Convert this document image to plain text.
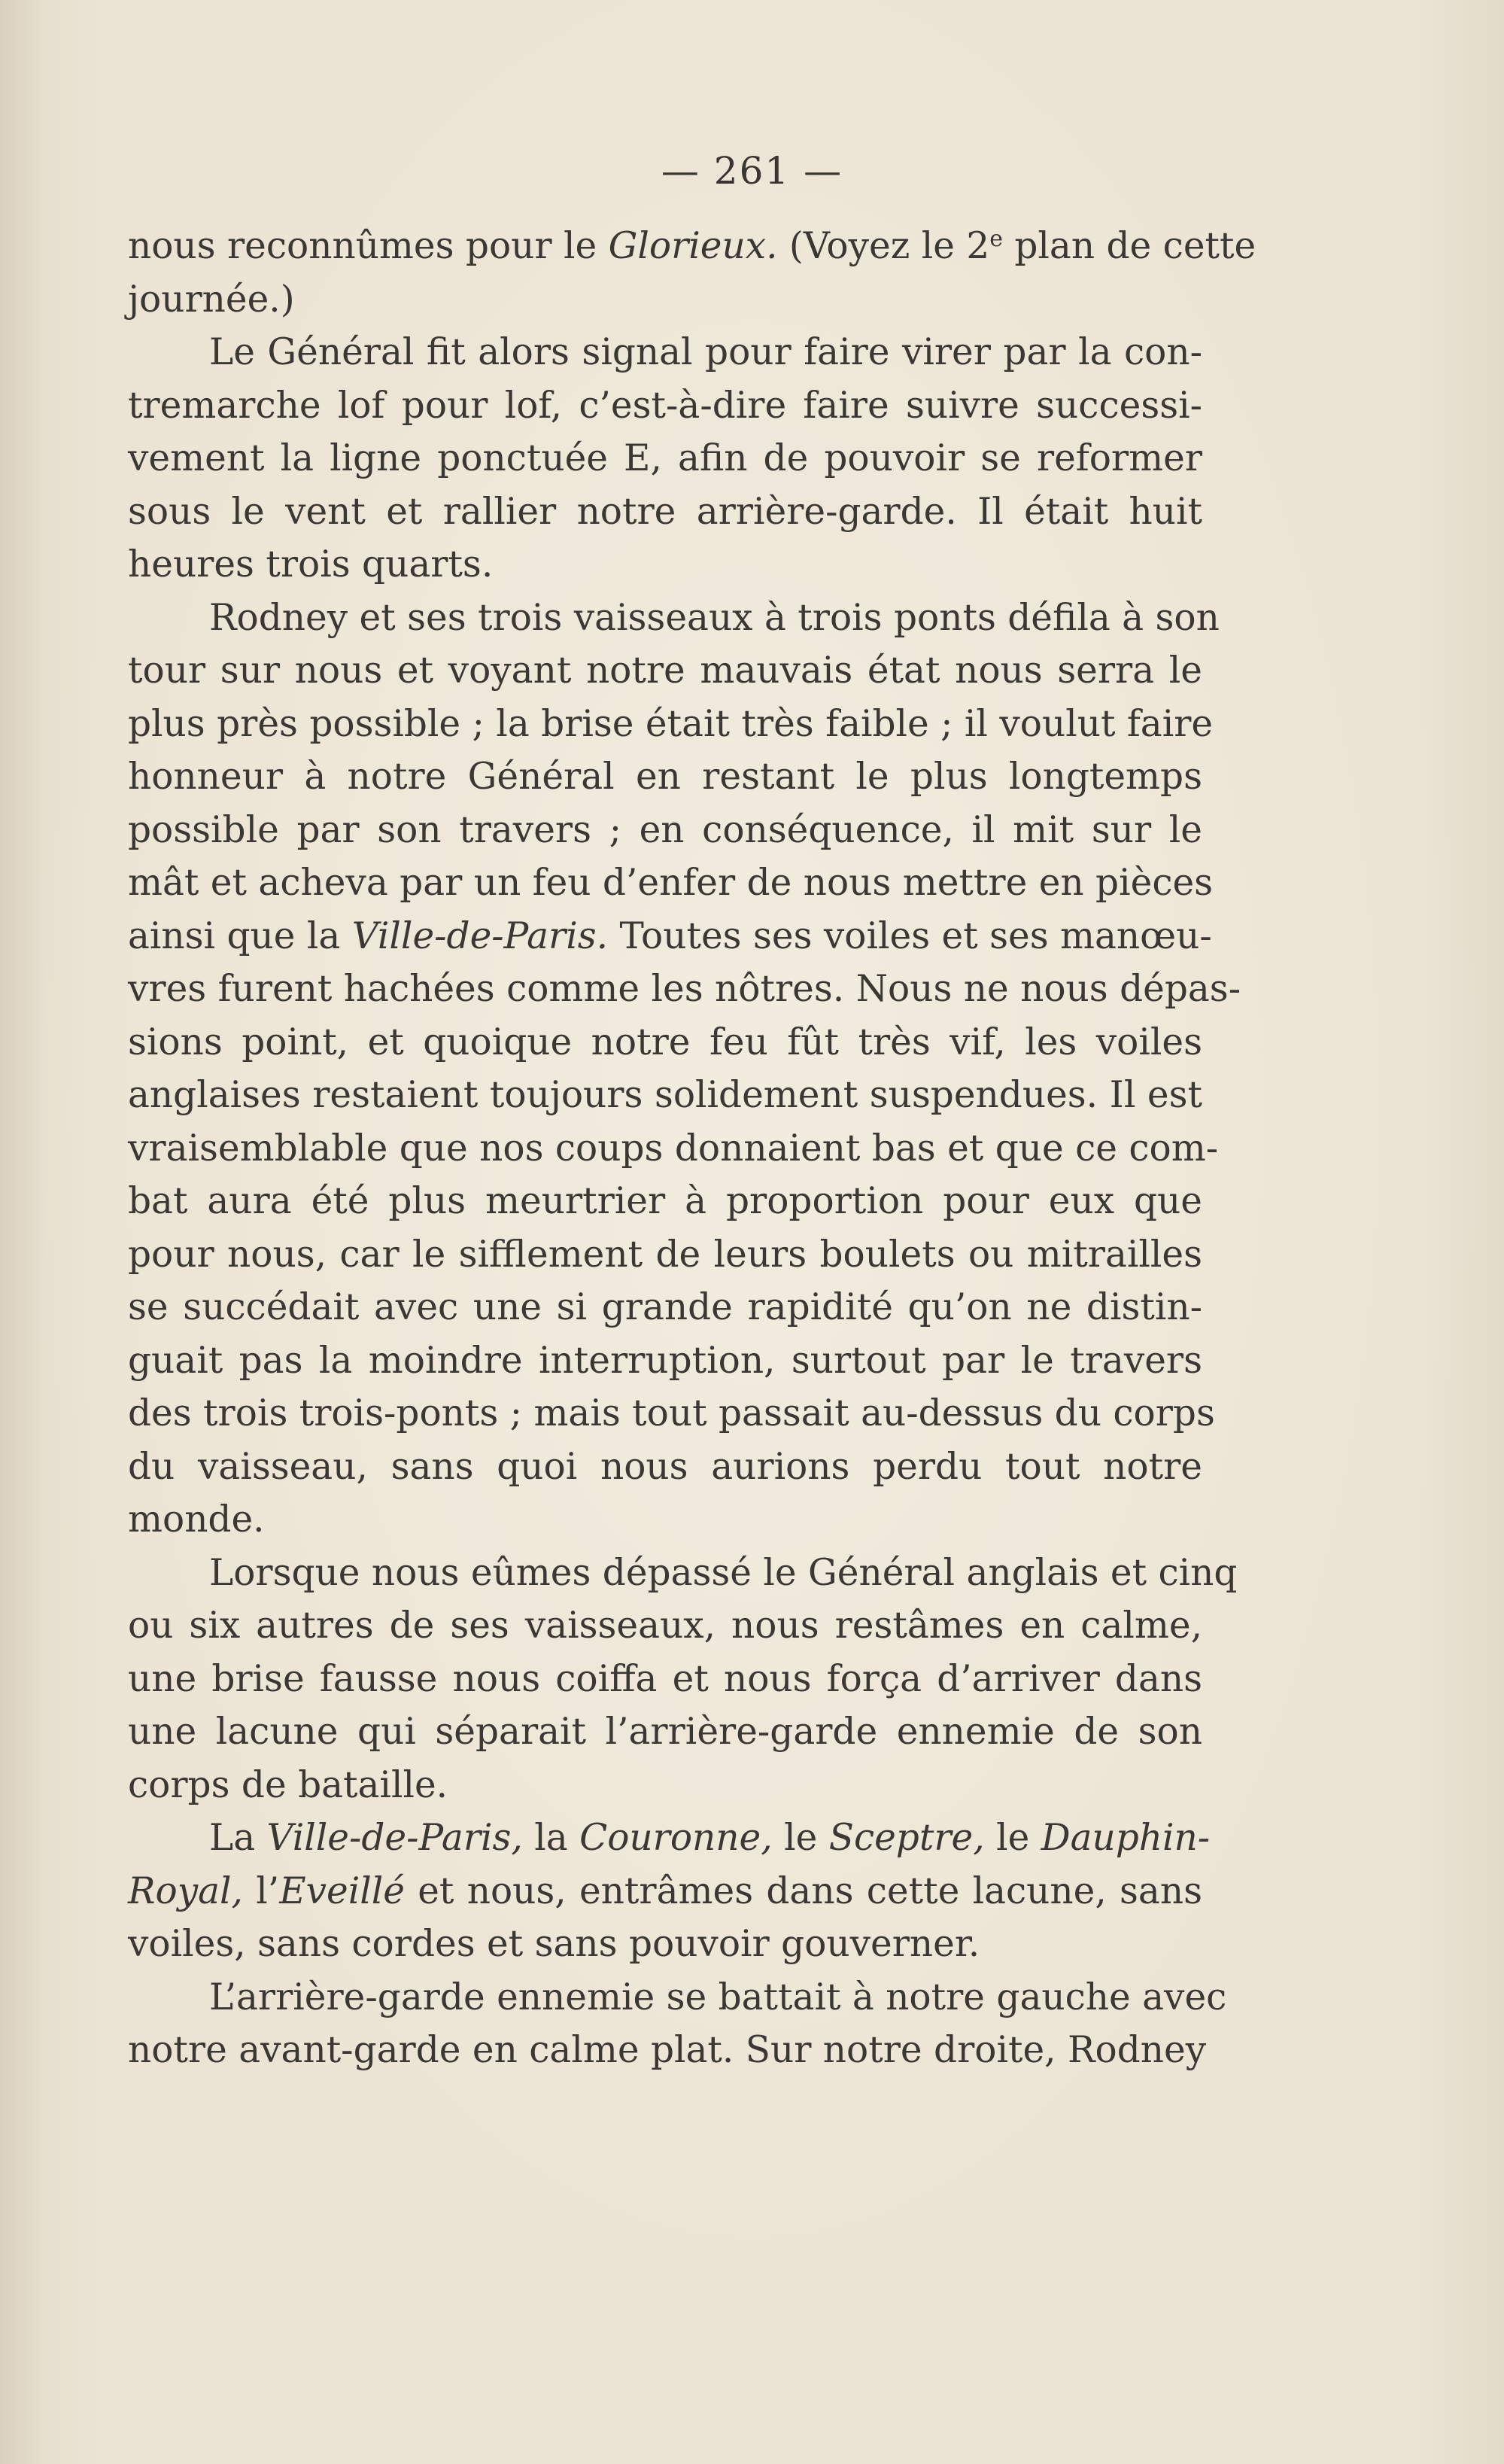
— 261 —
nous reconnûmes pour le Glorieux. (Voyez le 2e plan de cette
journée.)
Le Général fit alors signal pour faire virer par la con-
tremarche lof pour lof, c’est-à-dire faire suivre successi-
vement la ligne ponctuée E, afin de pouvoir se reformer
sous le vent et rallier notre arrière-garde. Il était huit
heures trois quarts.
Rodney et ses trois vaisseaux à trois ponts défila à son
tour sur nous et voyant notre mauvais état nous serra le
plus près possible ; la brise était très faible ; il voulut faire
honneur à notre Général en restant le plus longtemps
possible par son travers ; en conséquence, il mit sur le
mât et acheva par un feu d’enfer de nous mettre en pièces
ainsi que la Ville-de-Paris. Toutes ses voiles et ses manœu-
vres furent hachées comme les nôtres. Nous ne nous dépas-
sions point, et quoique notre feu fût très vif, les voiles
anglaises restaient toujours solidement suspendues. Il est
vraisemblable que nos coups donnaient bas et que ce com-
bat aura été plus meurtrier à proportion pour eux que
pour nous, car le sifflement de leurs boulets ou mitrailles
se succédait avec une si grande rapidité qu’on ne distin-
guait pas la moindre interruption, surtout par le travers
des trois trois-ponts ; mais tout passait au-dessus du corps
du vaisseau, sans quoi nous aurions perdu tout notre
monde.
Lorsque nous eûmes dépassé le Général anglais et cinq
ou six autres de ses vaisseaux, nous restâmes en calme,
une brise fausse nous coiffa et nous força d’arriver dans
une lacune qui séparait l’arrière-garde ennemie de son
corps de bataille.
La Ville-de-Paris, la Couronne, le Sceptre, le Dauphin-
Royal, l’Eveillé et nous, entrâmes dans cette lacune, sans
voiles, sans cordes et sans pouvoir gouverner.
L’arrière-garde ennemie se battait à notre gauche avec
notre avant-garde en calme plat. Sur notre droite, Rodney
